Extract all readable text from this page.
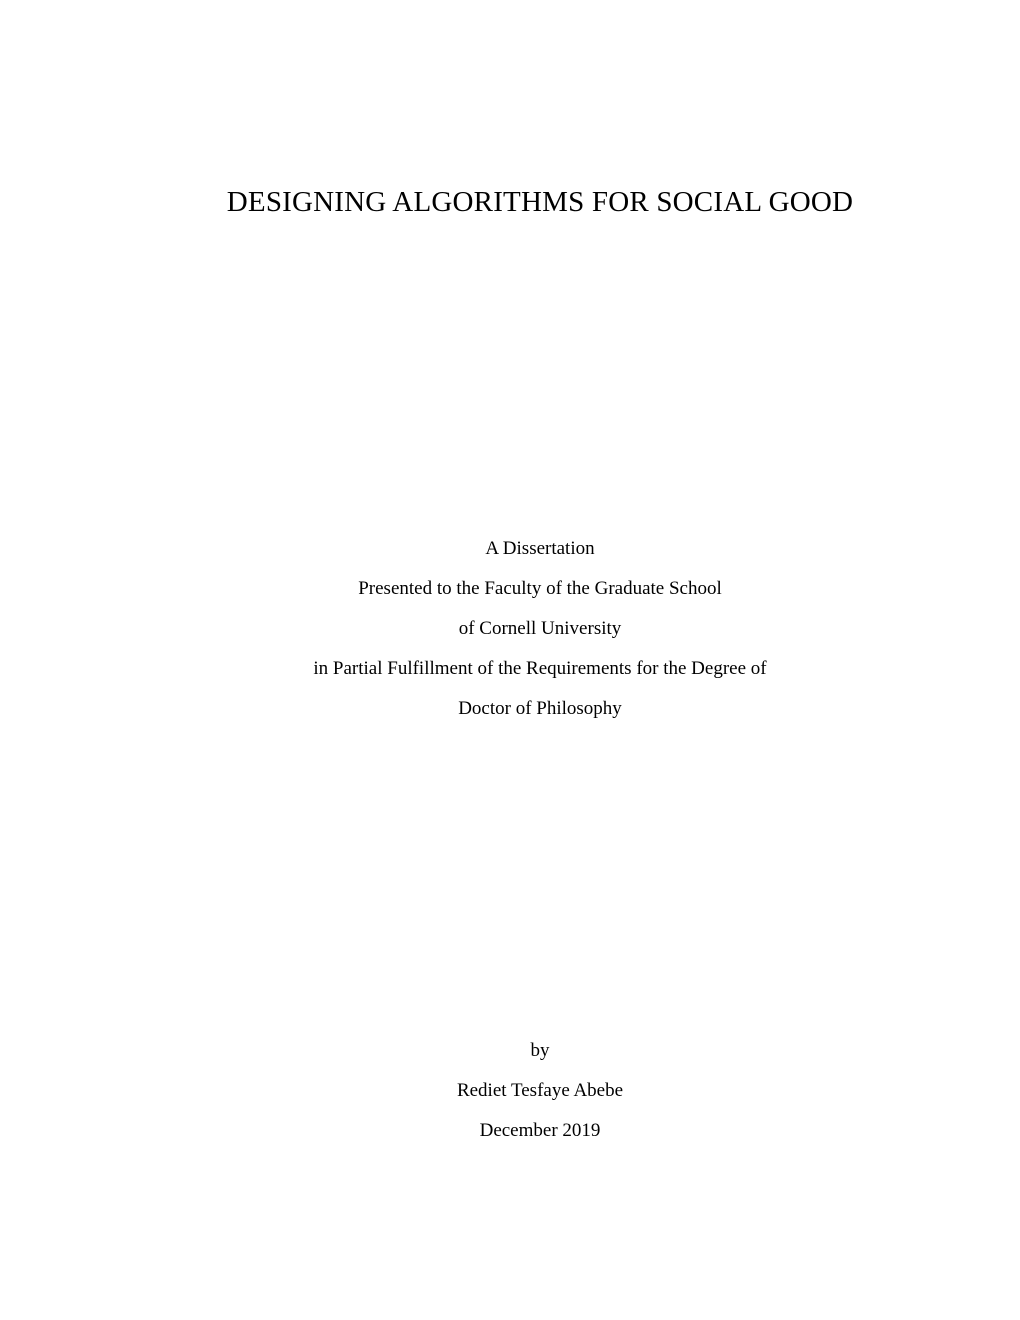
DESIGNING ALGORITHMS FOR SOCIAL GOOD
A Dissertation
Presented to the Faculty of the Graduate School
of Cornell University
in Partial Fulfillment of the Requirements for the Degree of
Doctor of Philosophy
by
Rediet Tesfaye Abebe
December 2019
